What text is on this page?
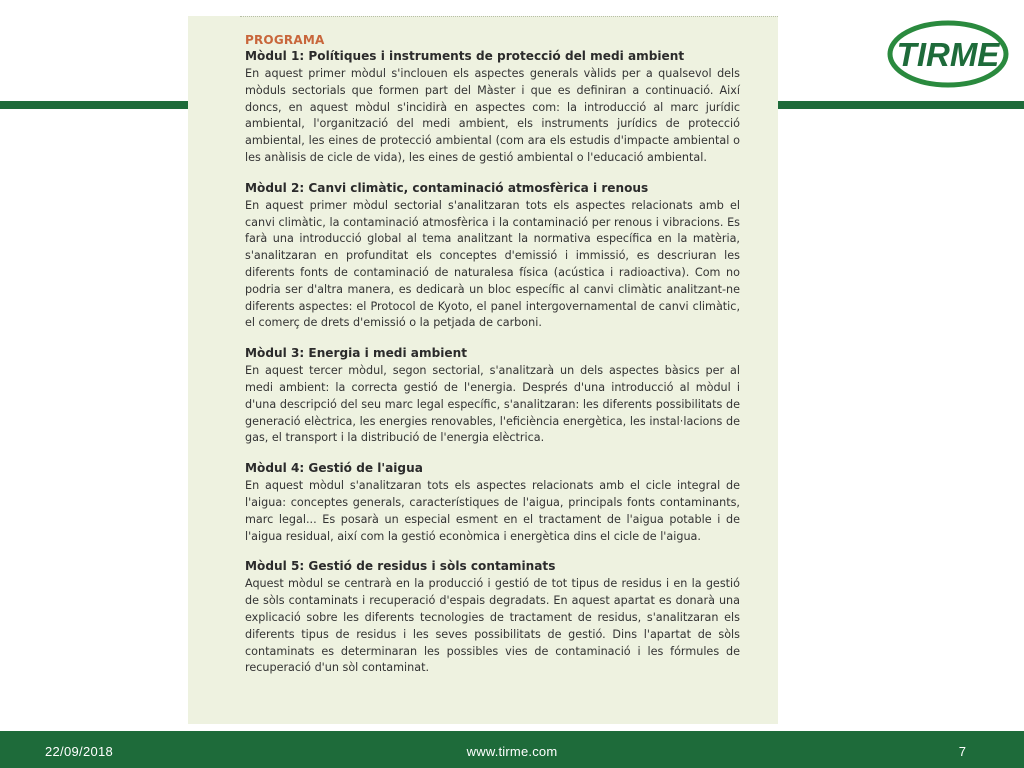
TIRME
PROGRAMA
Mòdul 1: Polítiques i instruments de protecció del medi ambient

En aquest primer mòdul s'inclouen els aspectes generals vàlids per a qualsevol dels mòduls sectorials que formen part del Màster i que es definiran a continuació. Així doncs, en aquest mòdul s'incidirà en aspectes com: la introducció al marc jurídic ambiental, l'organització del medi ambient, els instruments jurídics de protecció ambiental, les eines de protecció ambiental (com ara els estudis d'impacte ambiental o les anàlisis de cicle de vida), les eines de gestió ambiental o l'educació ambiental.

Mòdul 2: Canvi climàtic, contaminació atmosfèrica i renous

En aquest primer mòdul sectorial s'analitzaran tots els aspectes relacionats amb el canvi climàtic, la contaminació atmosfèrica i la contaminació per renous i vibracions. Es farà una introducció global al tema analitzant la normativa específica en la matèria, s'analitzaran en profunditat els conceptes d'emissió i immissió, es descriuran les diferents fonts de contaminació de naturalesa física (acústica i radioactiva). Com no podria ser d'altra manera, es dedicarà un bloc específic al canvi climàtic analitzant-ne diferents aspectes: el Protocol de Kyoto, el panel intergovernamental de canvi climàtic, el comerç de drets d'emissió o la petjada de carboni.

Mòdul 3: Energia i medi ambient

En aquest tercer mòdul, segon sectorial, s'analitzarà un dels aspectes bàsics per al medi ambient: la correcta gestió de l'energia. Després d'una introducció al mòdul i d'una descripció del seu marc legal específic, s'analitzaran: les diferents possibilitats de generació elèctrica, les energies renovables, l'eficiència energètica, les instal·lacions de gas, el transport i la distribució de l'energia elèctrica.

Mòdul 4: Gestió de l'aigua

En aquest mòdul s'analitzaran tots els aspectes relacionats amb el cicle integral de l'aigua: conceptes generals, característiques de l'aigua, principals fonts contaminants, marc legal... Es posarà un especial esment en el tractament de l'aigua potable i de l'aigua residual, així com la gestió econòmica i energètica dins el cicle de l'aigua.

Mòdul 5: Gestió de residus i sòls contaminats

Aquest mòdul se centrarà en la producció i gestió de tot tipus de residus i en la gestió de sòls contaminats i recuperació d'espais degradats. En aquest apartat es donarà una explicació sobre les diferents tecnologies de tractament de residus, s'analitzaran els diferents tipus de residus i les seves possibilitats de gestió. Dins l'apartat de sòls contaminats es determinaran les possibles vies de contaminació i les fórmules de recuperació d'un sòl contaminat.

22/09/2018	www.tirme.com	7
